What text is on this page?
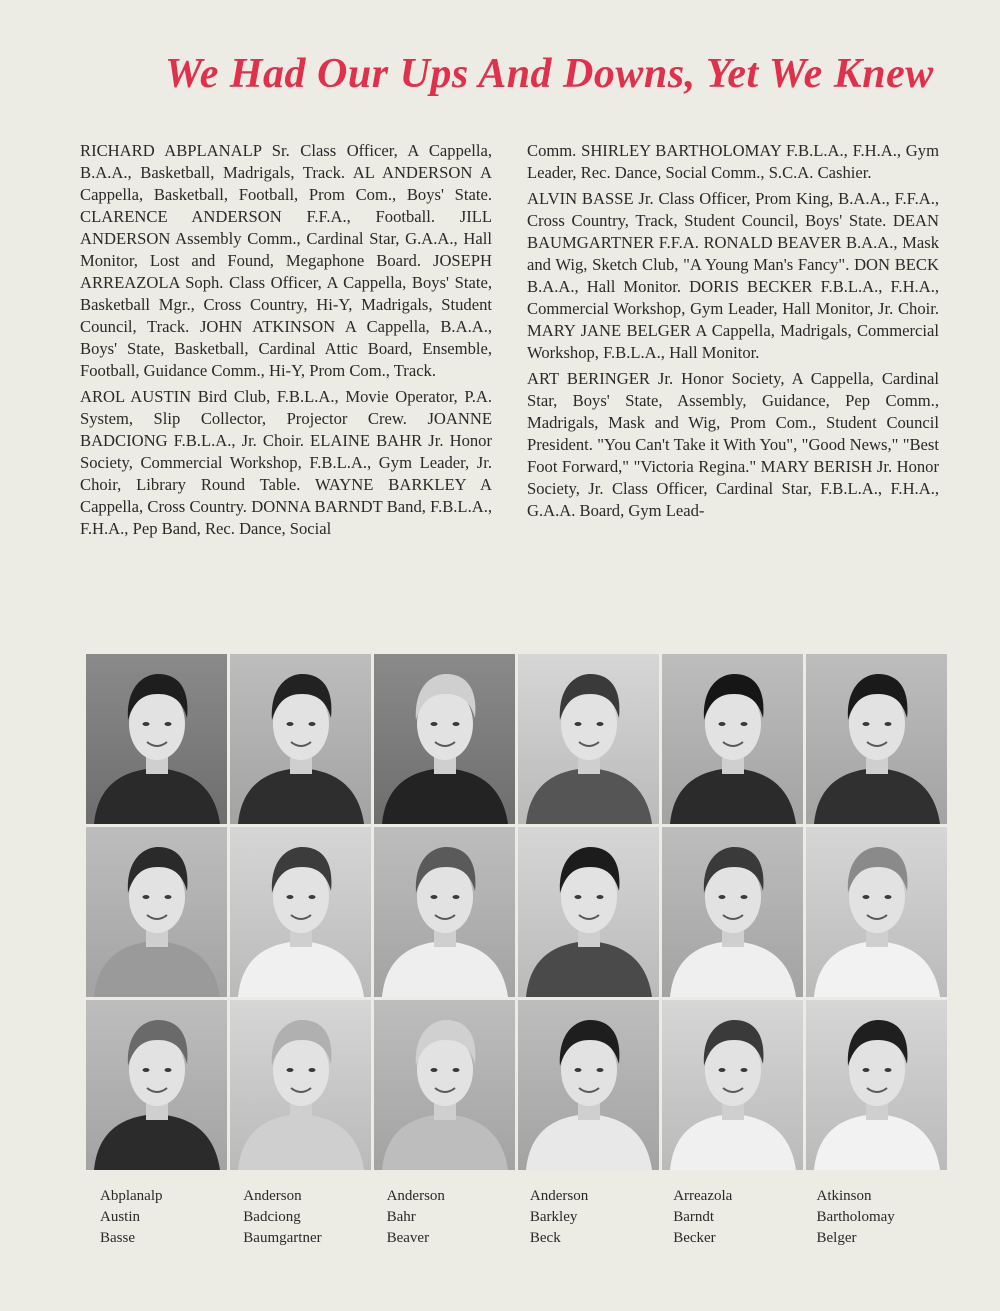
We Had Our Ups And Downs, Yet We Knew

RICHARD ABPLANALP Sr. Class Officer, A Cappella, B.A.A., Basketball, Madrigals, Track. AL ANDERSON A Cappella, Basketball, Football, Prom Com., Boys' State. CLARENCE ANDERSON F.F.A., Football. JILL ANDERSON Assembly Comm., Cardinal Star, G.A.A., Hall Monitor, Lost and Found, Megaphone Board. JOSEPH ARREAZOLA Soph. Class Officer, A Cappella, Boys' State, Basketball Mgr., Cross Country, Hi-Y, Madrigals, Student Council, Track. JOHN ATKINSON A Cappella, B.A.A., Boys' State, Basketball, Cardinal Attic Board, Ensemble, Football, Guidance Comm., Hi-Y, Prom Com., Track.

AROL AUSTIN Bird Club, F.B.L.A., Movie Operator, P.A. System, Slip Collector, Projector Crew. JOANNE BADCIONG F.B.L.A., Jr. Choir. ELAINE BAHR Jr. Honor Society, Commercial Workshop, F.B.L.A., Gym Leader, Jr. Choir, Library Round Table. WAYNE BARKLEY A Cappella, Cross Country. DONNA BARNDT Band, F.B.L.A., F.H.A., Pep Band, Rec. Dance, Social

Comm. SHIRLEY BARTHOLOMAY F.B.L.A., F.H.A., Gym Leader, Rec. Dance, Social Comm., S.C.A. Cashier.

ALVIN BASSE Jr. Class Officer, Prom King, B.A.A., F.F.A., Cross Country, Track, Student Council, Boys' State. DEAN BAUMGARTNER F.F.A. RONALD BEAVER B.A.A., Mask and Wig, Sketch Club, "A Young Man's Fancy". DON BECK B.A.A., Hall Monitor. DORIS BECKER F.B.L.A., F.H.A., Commercial Workshop, Gym Leader, Hall Monitor, Jr. Choir. MARY JANE BELGER A Cappella, Madrigals, Commercial Workshop, F.B.L.A., Hall Monitor.

ART BERINGER Jr. Honor Society, A Cappella, Cardinal Star, Boys' State, Assembly, Guidance, Pep Comm., Madrigals, Mask and Wig, Prom Com., Student Council President. "You Can't Take it With You", "Good News," "Best Foot Forward," "Victoria Regina." MARY BERISH Jr. Honor Society, Jr. Class Officer, Cardinal Star, F.B.L.A., F.H.A., G.A.A. Board, Gym Lead-

Abplanalp
Austin
Basse
Anderson
Badciong
Baumgartner
Anderson
Bahr
Beaver
Anderson
Barkley
Beck
Arreazola
Barndt
Becker
Atkinson
Bartholomay
Belger
